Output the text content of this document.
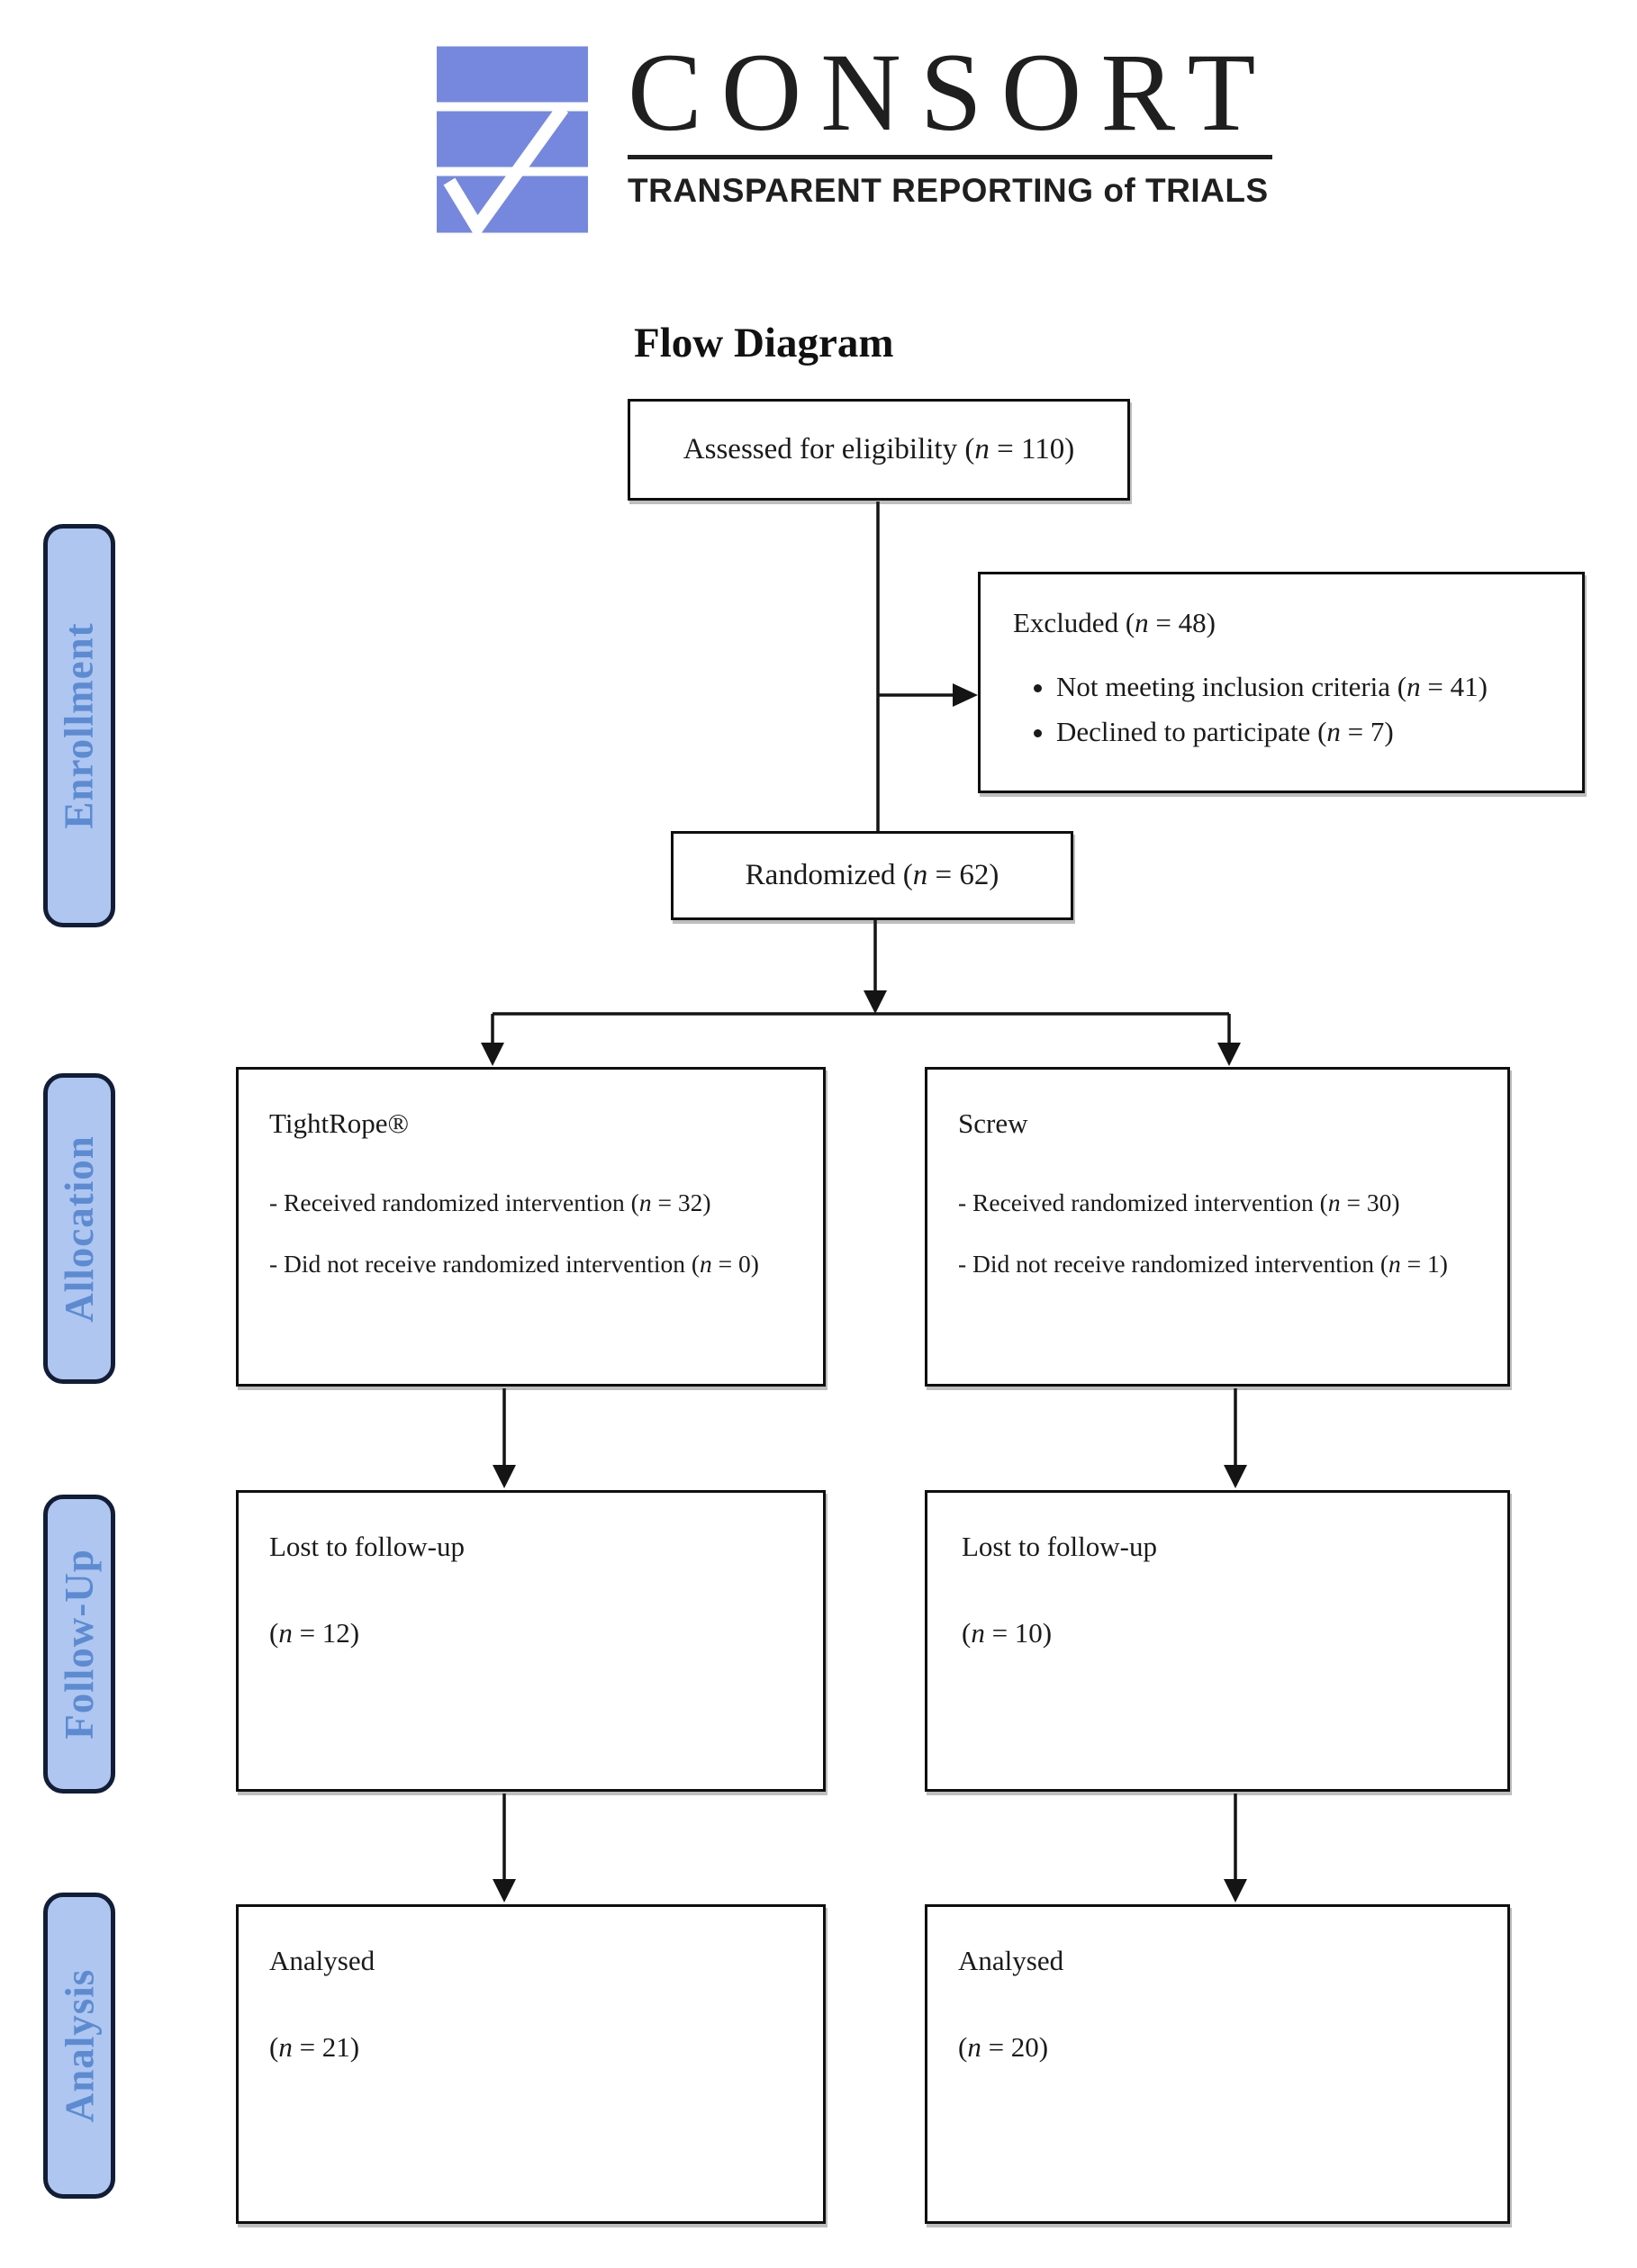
CONSORT
TRANSPARENT REPORTING of TRIALS
Flow Diagram
Enrollment
Allocation
Follow-Up
Analysis
Assessed for eligibility (n = 110)
Excluded (n = 48)
• Not meeting inclusion criteria (n = 41)
• Declined to participate (n = 7)
Randomized (n = 62)
TightRope®
- Received randomized intervention (n = 32)
- Did not receive randomized intervention (n = 0)
Screw
- Received randomized intervention (n = 30)
- Did not receive randomized intervention (n = 1)
Lost to follow-up
(n = 12)
Lost to follow-up
(n = 10)
Analysed
(n = 21)
Analysed
(n = 20)
